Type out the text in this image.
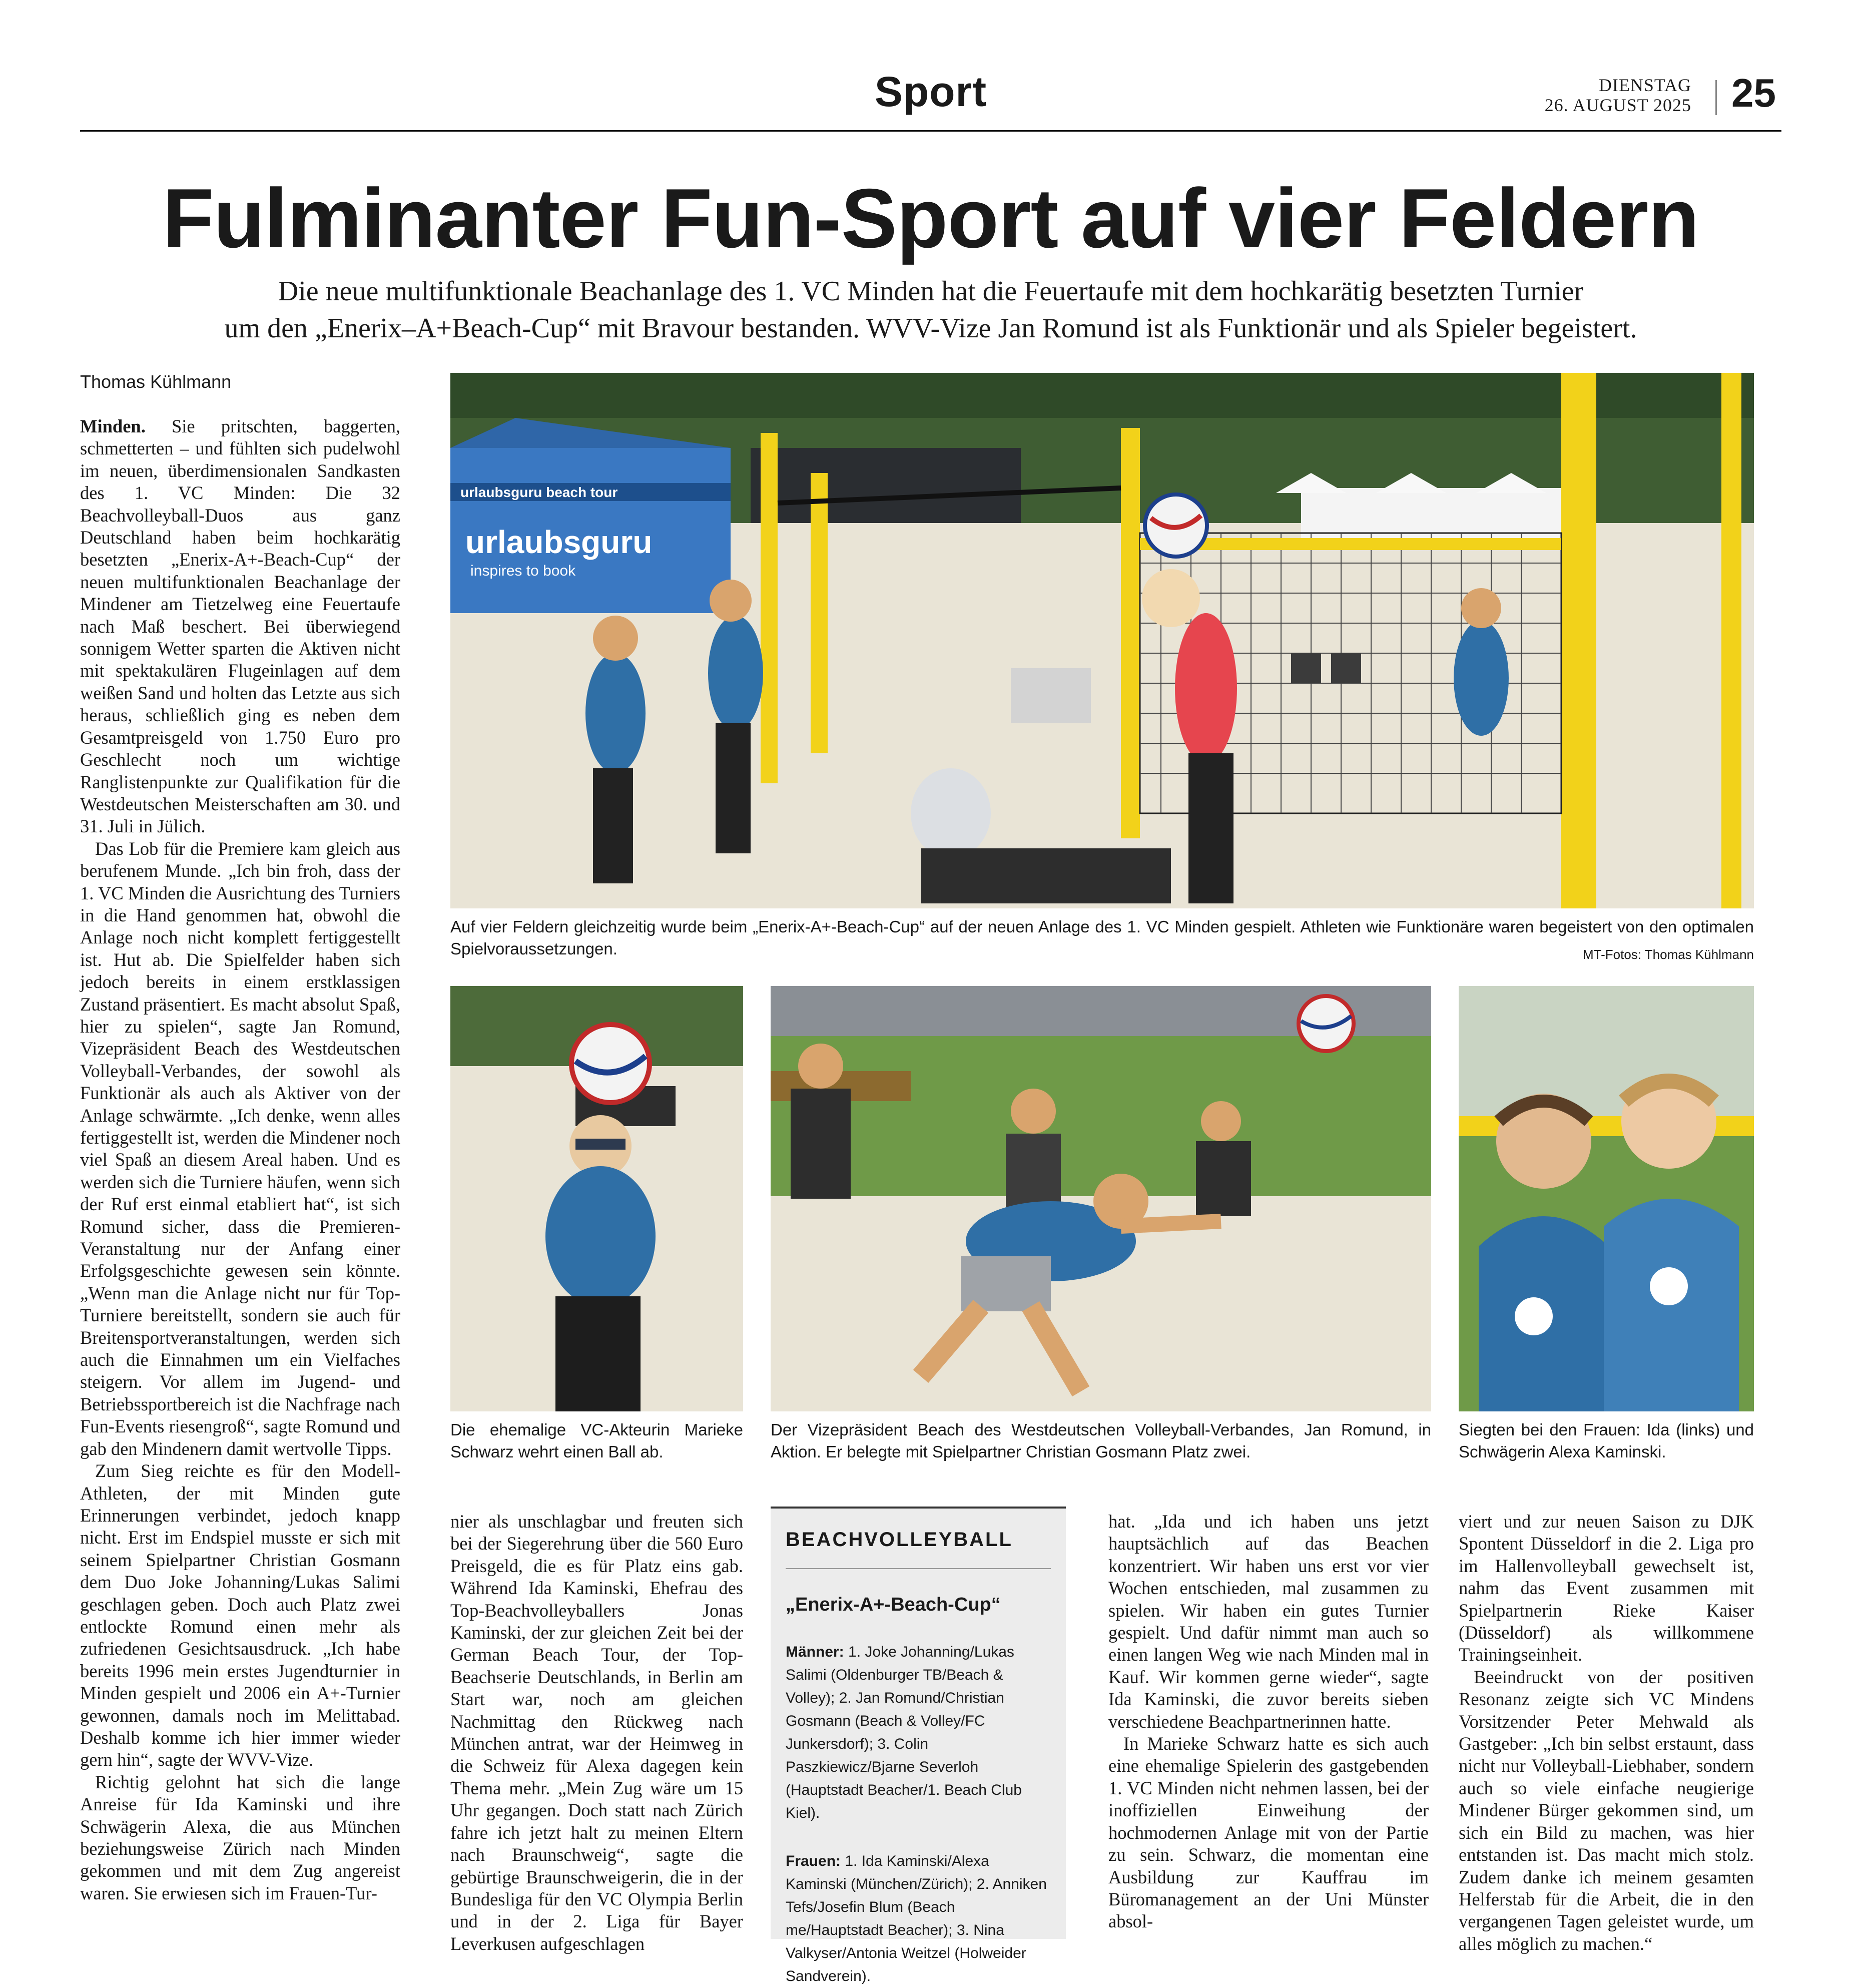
Sport	DIENSTAG
26. AUGUST 2025 25
Fulminanter Fun-Sport auf vier Feldern
Die neue multifunktionale Beachanlage des 1. VC Minden hat die Feuertaufe mit dem hochkarätig besetzten Turnier
um den „Enerix–A+Beach-Cup“ mit Bravour bestanden. WVV-Vize Jan Romund ist als Funktionär und als Spieler begeistert.
Thomas Kühlmann

Minden. Sie pritschten, baggerten, schmetterten – und fühlten sich pudelwohl im neuen, überdimensionalen Sandkasten des 1. VC Minden: Die 32 Beachvolleyball-Duos aus ganz Deutschland haben beim hochkarätig besetzten „Enerix-A+-Beach-Cup“ der neuen multifunktionalen Beachanlage der Mindener am Tietzelweg eine Feuertaufe nach Maß beschert. Bei überwiegend sonnigem Wetter sparten die Aktiven nicht mit spektakulären Flugeinlagen auf dem weißen Sand und holten das Letzte aus sich heraus, schließlich ging es neben dem Gesamtpreisgeld von 1.750 Euro pro Geschlecht noch um wichtige Ranglistenpunkte zur Qualifikation für die Westdeutschen Meisterschaften am 30. und 31. Juli in Jülich.

Das Lob für die Premiere kam gleich aus berufenem Munde. „Ich bin froh, dass der 1. VC Minden die Ausrichtung des Turniers in die Hand genommen hat, obwohl die Anlage noch nicht komplett fertiggestellt ist. Hut ab. Die Spielfelder haben sich jedoch bereits in einem erstklassigen Zustand präsentiert. Es macht absolut Spaß, hier zu spielen“, sagte Jan Romund, Vizepräsident Beach des Westdeutschen Volleyball-Verbandes, der sowohl als Funktionär als auch als Aktiver von der Anlage schwärmte. „Ich denke, wenn alles fertiggestellt ist, werden die Mindener noch viel Spaß an diesem Areal haben. Und es werden sich die Turniere häufen, wenn sich der Ruf erst einmal etabliert hat“, ist sich Romund sicher, dass die Premieren-Veranstaltung nur der Anfang einer Erfolgsgeschichte gewesen sein könnte. „Wenn man die Anlage nicht nur für Top-Turniere bereitstellt, sondern sie auch für Breitensportveranstaltungen, werden sich auch die Einnahmen um ein Vielfaches steigern. Vor allem im Jugend- und Betriebssportbereich ist die Nachfrage nach Fun-Events riesengroß“, sagte Romund und gab den Mindenern damit wertvolle Tipps.

Zum Sieg reichte es für den Modell-Athleten, der mit Minden gute Erinnerungen verbindet, jedoch knapp nicht. Erst im Endspiel musste er sich mit seinem Spielpartner Christian Gosmann dem Duo Joke Johanning/Lukas Salimi geschlagen geben. Doch auch Platz zwei entlockte Romund einen mehr als zufriedenen Gesichtsausdruck. „Ich habe bereits 1996 mein erstes Jugendturnier in Minden gespielt und 2006 ein A+-Turnier gewonnen, damals noch im Melittabad. Deshalb komme ich hier immer wieder gern hin“, sagte der WVV-Vize.

Richtig gelohnt hat sich die lange Anreise für Ida Kaminski und ihre Schwägerin Alexa, die aus München beziehungsweise Zürich nach Minden gekommen und mit dem Zug angereist waren. Sie erwiesen sich im Frauen-Tur-

urlaubsguru beach tour
urlaubsguru
inspires to book
Auf vier Feldern gleichzeitig wurde beim „Enerix-A+-Beach-Cup“ auf der neuen Anlage des 1. VC Minden gespielt. Athleten wie Funktionäre waren begeistert von den optimalen Spielvoraussetzungen.	MT-Fotos: Thomas Kühlmann
Die ehemalige VC-Akteurin Marieke Schwarz wehrt einen Ball ab.
Der Vizepräsident Beach des Westdeutschen Volleyball-Verbandes, Jan Romund, in Aktion. Er belegte mit Spielpartner Christian Gosmann Platz zwei.
Siegten bei den Frauen: Ida (links) und Schwägerin Alexa Kaminski.

nier als unschlagbar und freuten sich bei der Siegerehrung über die 560 Euro Preisgeld, die es für Platz eins gab. Während Ida Kaminski, Ehefrau des Top-Beachvolleyballers Jonas Kaminski, der zur gleichen Zeit bei der German Beach Tour, der Top-Beachserie Deutschlands, in Berlin am Start war, noch am gleichen Nachmittag den Rückweg nach München antrat, war der Heimweg in die Schweiz für Alexa dagegen kein Thema mehr. „Mein Zug wäre um 15 Uhr gegangen. Doch statt nach Zürich fahre ich jetzt halt zu meinen Eltern nach Braunschweig“, sagte die gebürtige Braunschweigerin, die in der Bundesliga für den VC Olympia Berlin und in der 2. Liga für Bayer Leverkusen aufgeschlagen

BEACHVOLLEYBALL
„Enerix-A+-Beach-Cup“
Männer: 1. Joke Johanning/Lukas Salimi (Oldenburger TB/Beach & Volley); 2. Jan Romund/Christian Gosmann (Beach & Volley/FC Junkersdorf); 3. Colin Paszkiewicz/Bjarne Severloh (Hauptstadt Beacher/1. Beach Club Kiel).
Frauen: 1. Ida Kaminski/Alexa Kaminski (München/Zürich); 2. Anniken Tefs/Josefin Blum (Beach me/Hauptstadt Beacher); 3. Nina Valkyser/Antonia Weitzel (Holweider Sandverein).

hat. „Ida und ich haben uns jetzt hauptsächlich auf das Beachen konzentriert. Wir haben uns erst vor vier Wochen entschieden, mal zusammen zu spielen. Wir haben ein gutes Turnier gespielt. Und dafür nimmt man auch so einen langen Weg wie nach Minden mal in Kauf. Wir kommen gerne wieder“, sagte Ida Kaminski, die zuvor bereits sieben verschiedene Beachpartnerinnen hatte.

In Marieke Schwarz hatte es sich auch eine ehemalige Spielerin des gastgebenden 1. VC Minden nicht nehmen lassen, bei der inoffiziellen Einweihung der hochmodernen Anlage mit von der Partie zu sein. Schwarz, die momentan eine Ausbildung zur Kauffrau im Büromanagement an der Uni Münster absol-

viert und zur neuen Saison zu DJK Spontent Düsseldorf in die 2. Liga pro im Hallenvolleyball gewechselt ist, nahm das Event zusammen mit Spielpartnerin Rieke Kaiser (Düsseldorf) als willkommene Trainingseinheit.

Beeindruckt von der positiven Resonanz zeigte sich VC Mindens Vorsitzender Peter Mehwald als Gastgeber: „Ich bin selbst erstaunt, dass nicht nur Volleyball-Liebhaber, sondern auch so viele einfache neugierige Mindener Bürger gekommen sind, um sich ein Bild zu machen, was hier entstanden ist. Das macht mich stolz. Zudem danke ich meinem gesamten Helferstab für die Arbeit, die in den vergangenen Tagen geleistet wurde, um alles möglich zu machen.“
